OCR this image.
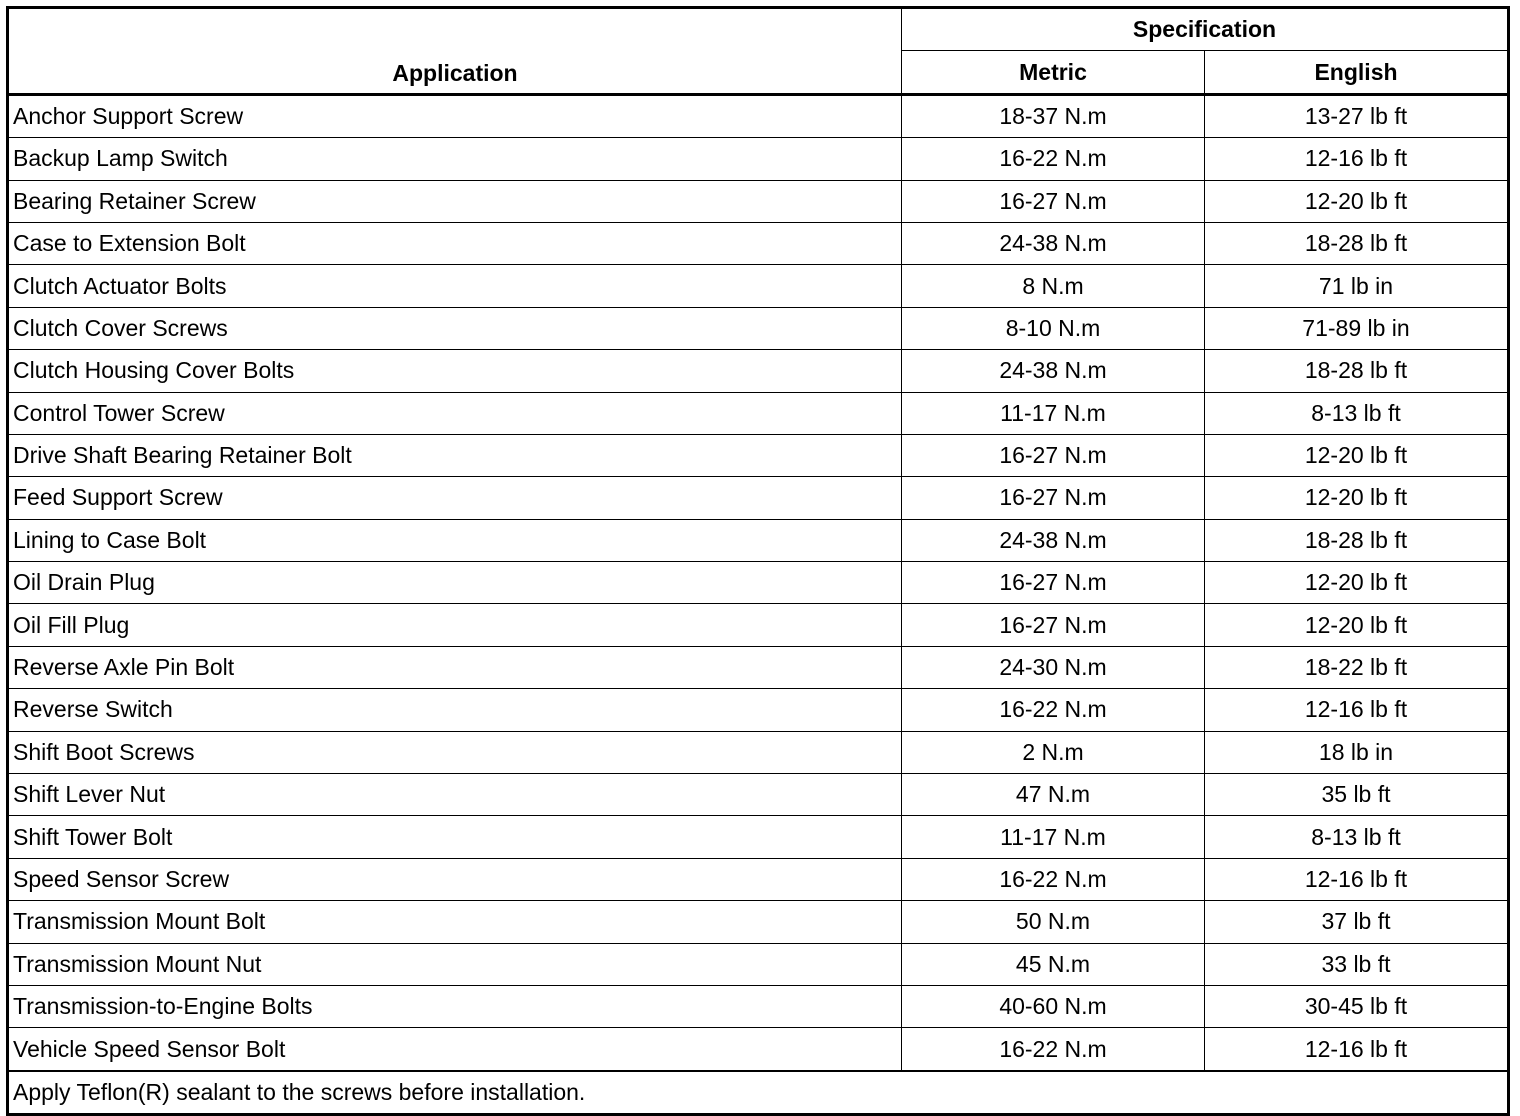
Application	Specification	
	Metric	English
Anchor Support Screw	18-37 N.m	13-27 lb ft
Backup Lamp Switch	16-22 N.m	12-16 lb ft
Bearing Retainer Screw	16-27 N.m	12-20 lb ft
Case to Extension Bolt	24-38 N.m	18-28 lb ft
Clutch Actuator Bolts	8 N.m	71 lb in
Clutch Cover Screws	8-10 N.m	71-89 lb in
Clutch Housing Cover Bolts	24-38 N.m	18-28 lb ft
Control Tower Screw	11-17 N.m	8-13 lb ft
Drive Shaft Bearing Retainer Bolt	16-27 N.m	12-20 lb ft
Feed Support Screw	16-27 N.m	12-20 lb ft
Lining to Case Bolt	24-38 N.m	18-28 lb ft
Oil Drain Plug	16-27 N.m	12-20 lb ft
Oil Fill Plug	16-27 N.m	12-20 lb ft
Reverse Axle Pin Bolt	24-30 N.m	18-22 lb ft
Reverse Switch	16-22 N.m	12-16 lb ft
Shift Boot Screws	2 N.m	18 lb in
Shift Lever Nut	47 N.m	35 lb ft
Shift Tower Bolt	11-17 N.m	8-13 lb ft
Speed Sensor Screw	16-22 N.m	12-16 lb ft
Transmission Mount Bolt	50 N.m	37 lb ft
Transmission Mount Nut	45 N.m	33 lb ft
Transmission-to-Engine Bolts	40-60 N.m	30-45 lb ft
Vehicle Speed Sensor Bolt	16-22 N.m	12-16 lb ft
Apply Teflon(R) sealant to the screws before installation.		
